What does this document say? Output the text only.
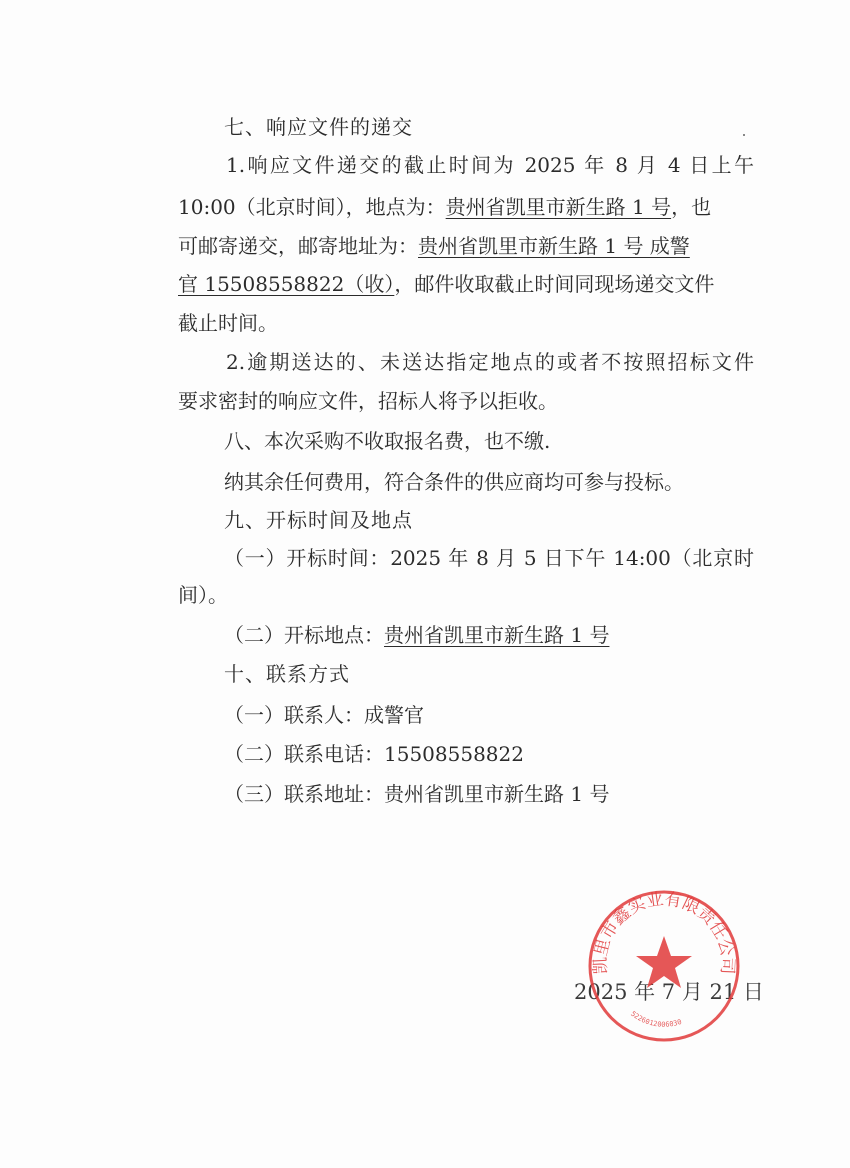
七、响应文件的递交
1.响应文件递交的截止时间为 2025 年 8 月 4 日上午
10:00（北京时间），地点为：贵州省凯里市新生路 1 号，也
可邮寄递交，邮寄地址为：贵州省凯里市新生路 1 号 成警
官 15508558822（收），邮件收取截止时间同现场递交文件
截止时间。
2.逾期送达的、未送达指定地点的或者不按照招标文件
要求密封的响应文件，招标人将予以拒收。
八、本次采购不收取报名费，也不缴.
纳其余任何费用，符合条件的供应商均可参与投标。
九、开标时间及地点
（一）开标时间：2025 年 8 月 5 日下午 14:00（北京时
间）。
（二）开标地点：贵州省凯里市新生路 1 号
十、联系方式
（一）联系人：成警官
（二）联系电话：15508558822
（三）联系地址：贵州省凯里市新生路 1 号
2025 年 7 月 21 日
凯里市鑫实业有限责任公司
5226012006030
